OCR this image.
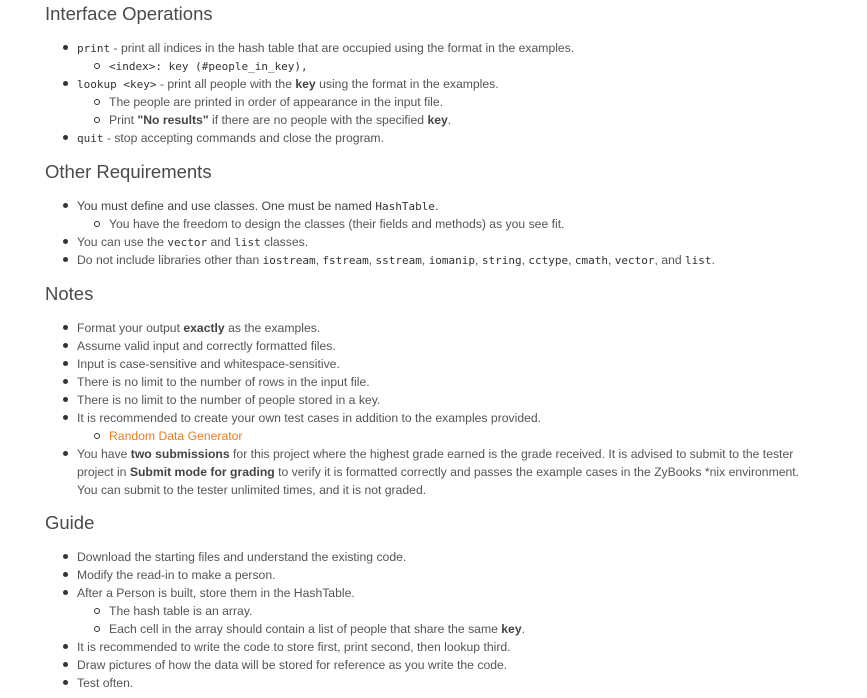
Interface Operations
print - print all indices in the hash table that are occupied using the format in the examples.
<index>: key (#people_in_key),
lookup <key> - print all people with the key using the format in the examples.
The people are printed in order of appearance in the input file.
Print "No results" if there are no people with the specified key.
quit - stop accepting commands and close the program.
Other Requirements
You must define and use classes. One must be named HashTable.
You have the freedom to design the classes (their fields and methods) as you see fit.
You can use the vector and list classes.
Do not include libraries other than iostream, fstream, sstream, iomanip, string, cctype, cmath, vector, and list.
Notes
Format your output exactly as the examples.
Assume valid input and correctly formatted files.
Input is case-sensitive and whitespace-sensitive.
There is no limit to the number of rows in the input file.
There is no limit to the number of people stored in a key.
It is recommended to create your own test cases in addition to the examples provided.
Random Data Generator
You have two submissions for this project where the highest grade earned is the grade received. It is advised to submit to the tester project in Submit mode for grading to verify it is formatted correctly and passes the example cases in the ZyBooks *nix environment. You can submit to the tester unlimited times, and it is not graded.
Guide
Download the starting files and understand the existing code.
Modify the read-in to make a person.
After a Person is built, store them in the HashTable.
The hash table is an array.
Each cell in the array should contain a list of people that share the same key.
It is recommended to write the code to store first, print second, then lookup third.
Draw pictures of how the data will be stored for reference as you write the code.
Test often.
